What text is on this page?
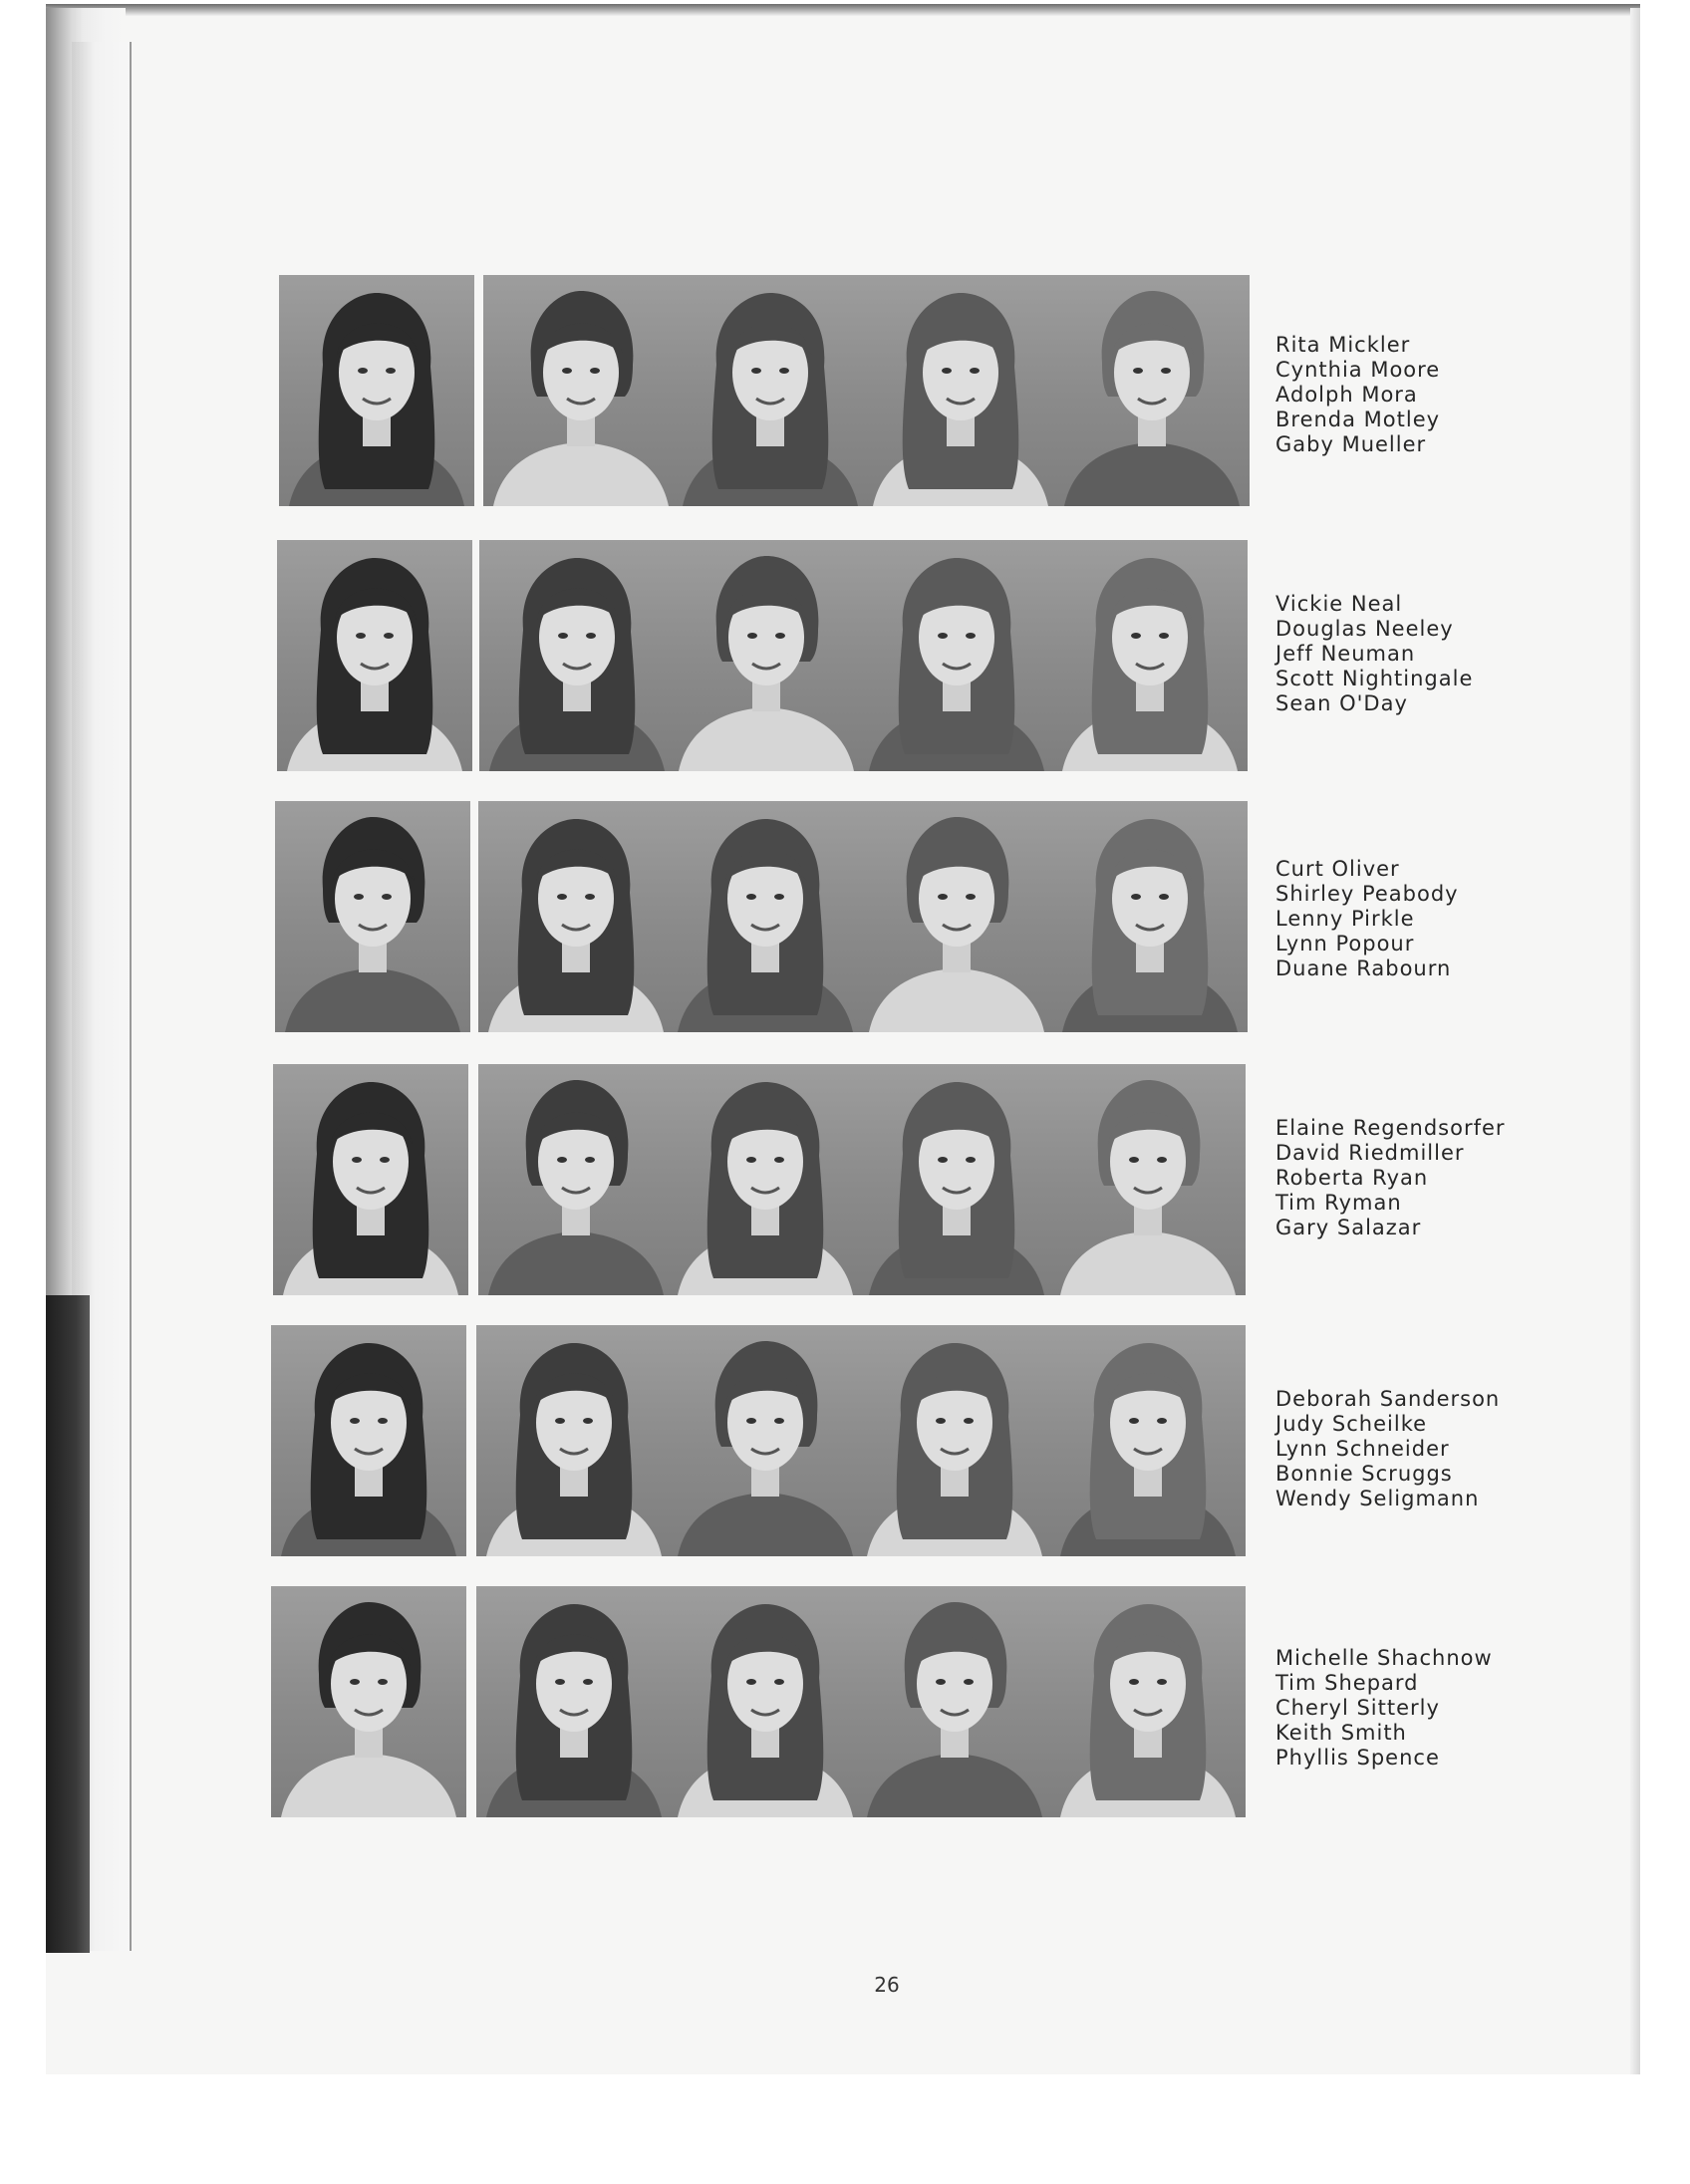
Rita Mickler
Cynthia Moore
Adolph Mora
Brenda Motley
Gaby Mueller
Vickie Neal
Douglas Neeley
Jeff Neuman
Scott Nightingale
Sean O'Day
Curt Oliver
Shirley Peabody
Lenny Pirkle
Lynn Popour
Duane Rabourn
Elaine Regendsorfer
David Riedmiller
Roberta Ryan
Tim Ryman
Gary Salazar
Deborah Sanderson
Judy Scheilke
Lynn Schneider
Bonnie Scruggs
Wendy Seligmann
Michelle Shachnow
Tim Shepard
Cheryl Sitterly
Keith Smith
Phyllis Spence
26
